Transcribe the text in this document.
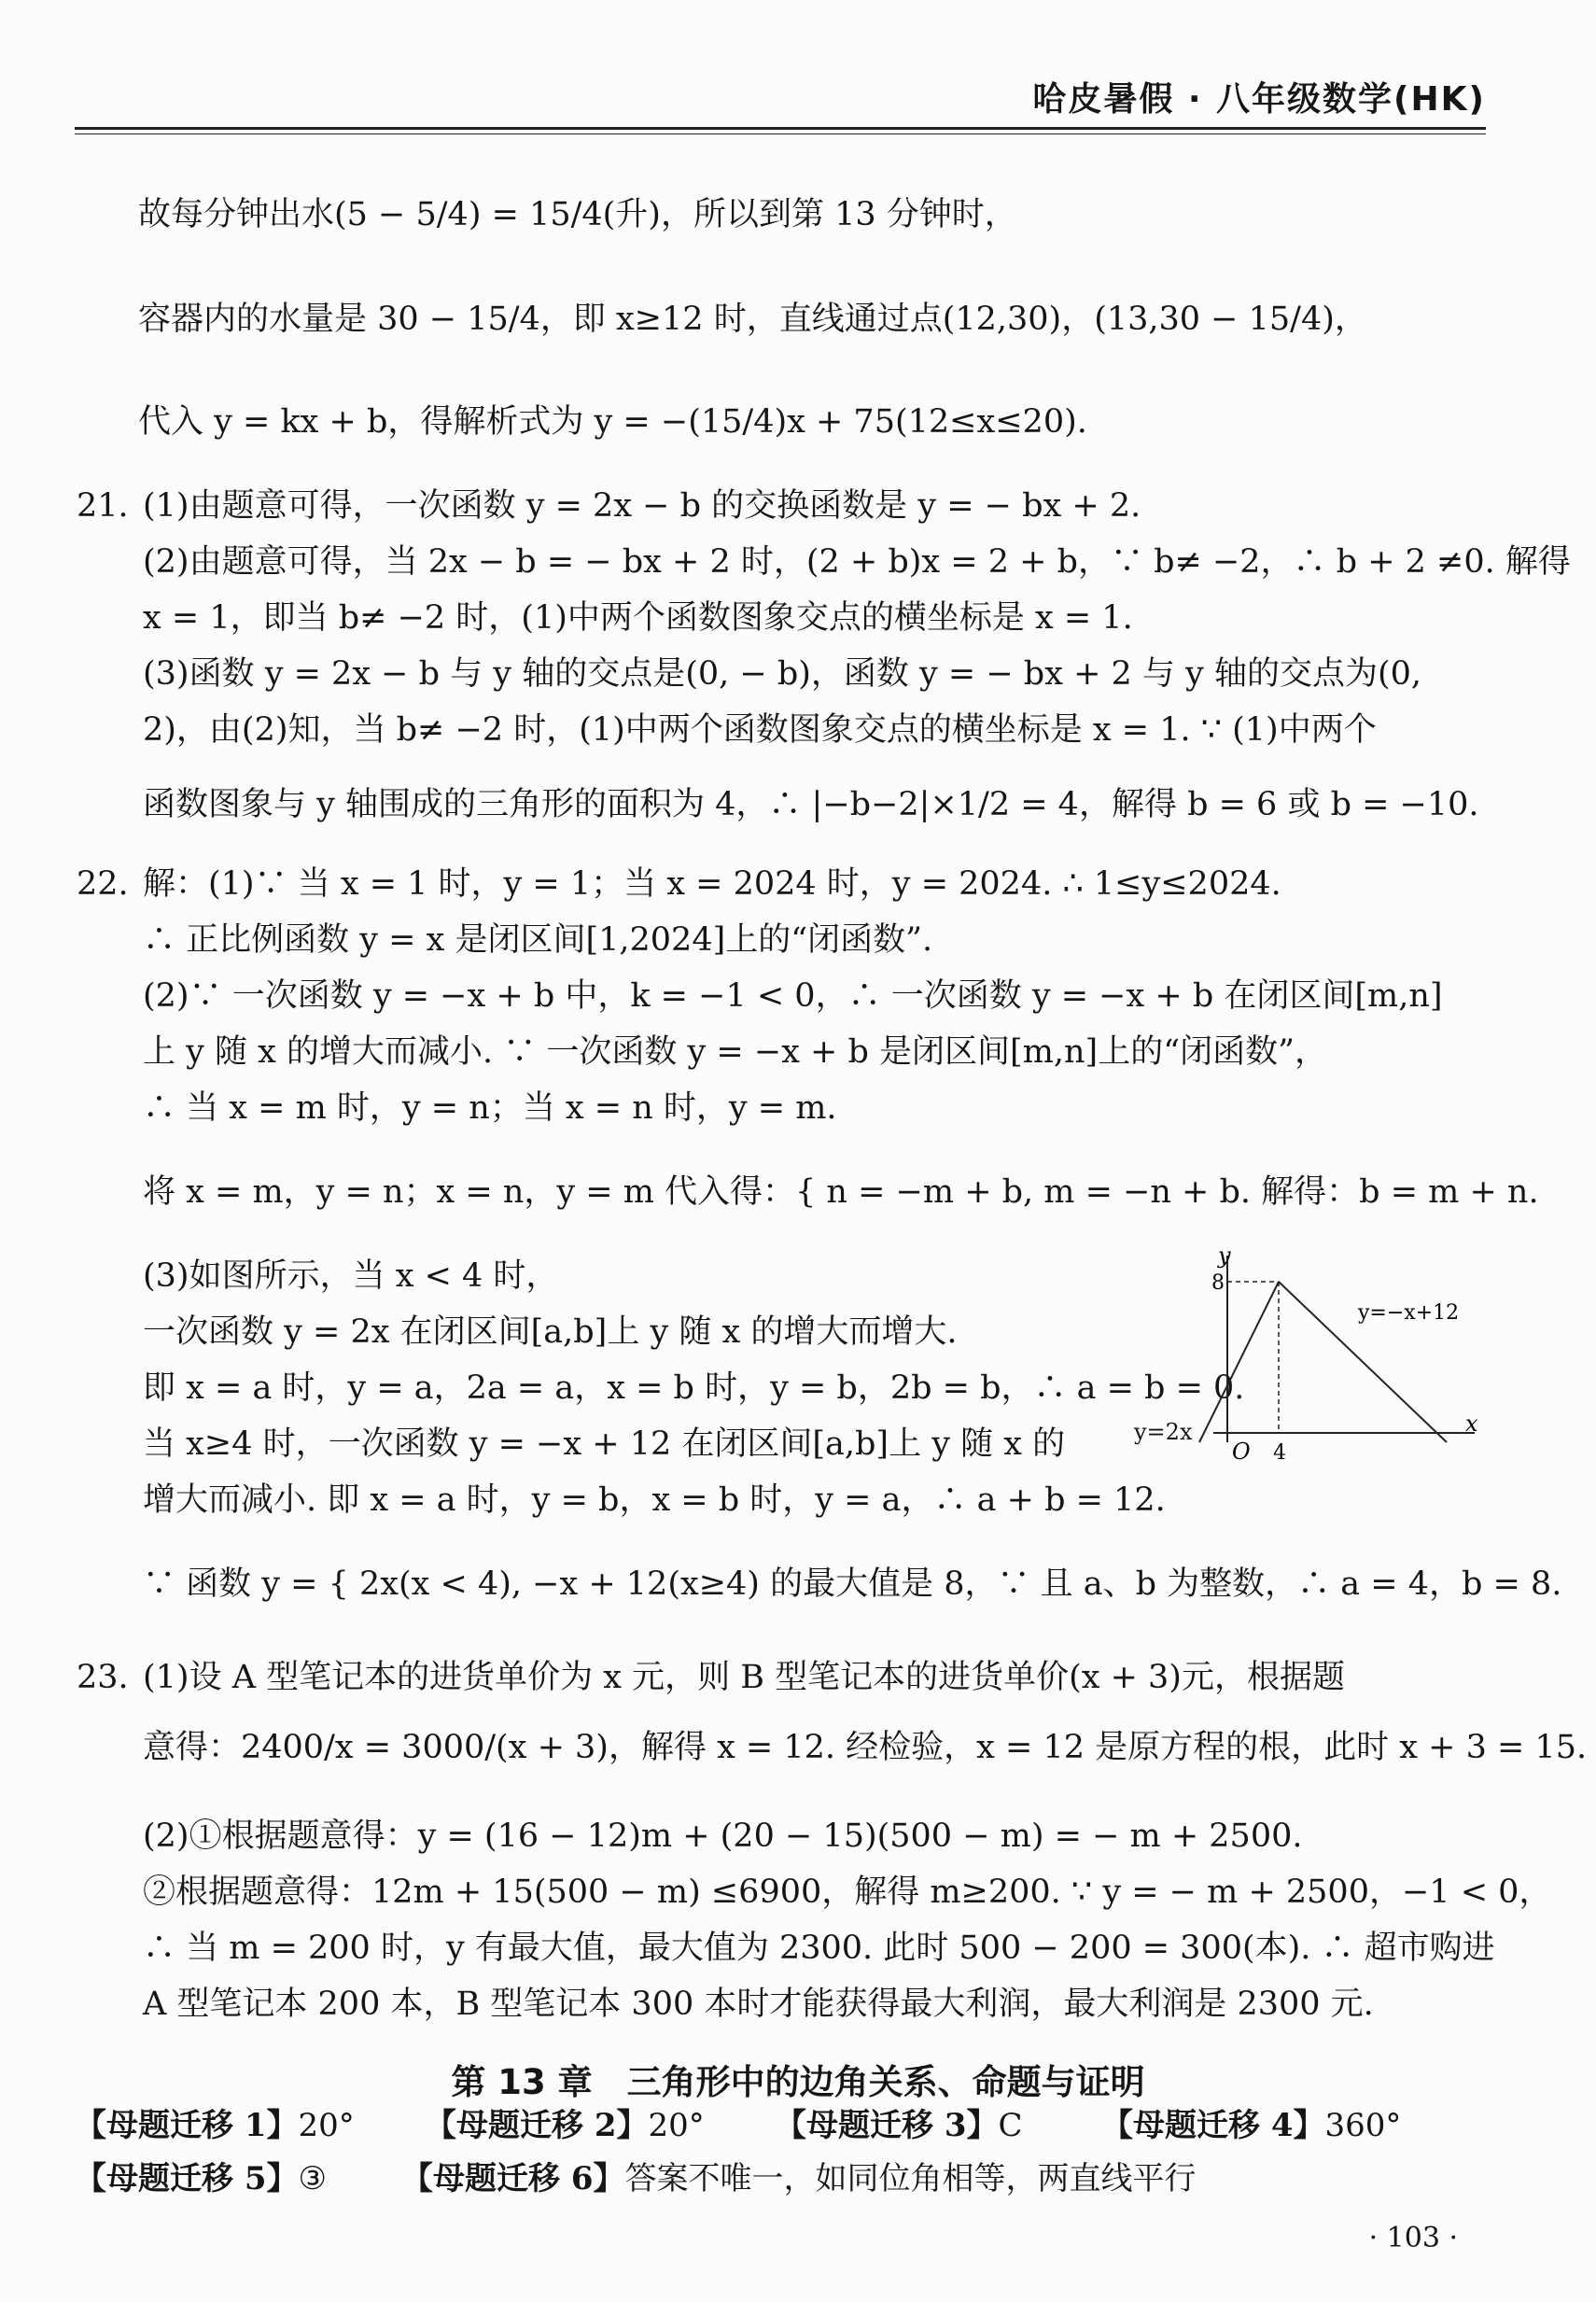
哈皮暑假 · 八年级数学(HK)
故每分钟出水(5 − 5/4) = 15/4(升)，所以到第 13 分钟时，
容器内的水量是 30 − 15/4，即 x≥12 时，直线通过点(12,30)，(13,30 − 15/4)，
代入 y = kx + b，得解析式为 y = −(15/4)x + 75(12≤x≤20).
21. (1)由题意可得，一次函数 y = 2x − b 的交换函数是 y = − bx + 2.
(2)由题意可得，当 2x − b = − bx + 2 时，(2 + b)x = 2 + b，∵ b≠ −2，∴ b + 2 ≠0. 解得
x = 1，即当 b≠ −2 时，(1)中两个函数图象交点的横坐标是 x = 1.
(3)函数 y = 2x − b 与 y 轴的交点是(0, − b)，函数 y = − bx + 2 与 y 轴的交点为(0,
2)，由(2)知，当 b≠ −2 时，(1)中两个函数图象交点的横坐标是 x = 1. ∵ (1)中两个
函数图象与 y 轴围成的三角形的面积为 4，∴ |−b−2|×1/2 = 4，解得 b = 6 或 b = −10.
22. 解：(1)∵ 当 x = 1 时，y = 1；当 x = 2024 时，y = 2024. ∴ 1≤y≤2024.
∴ 正比例函数 y = x 是闭区间[1,2024]上的“闭函数”.
(2)∵ 一次函数 y = −x + b 中，k = −1 < 0，∴ 一次函数 y = −x + b 在闭区间[m,n]
上 y 随 x 的增大而减小. ∵ 一次函数 y = −x + b 是闭区间[m,n]上的“闭函数”，
∴ 当 x = m 时，y = n；当 x = n 时，y = m.
将 x = m，y = n；x = n，y = m 代入得：{ n = −m + b, m = −n + b. 解得：b = m + n.
(3)如图所示，当 x < 4 时，
一次函数 y = 2x 在闭区间[a,b]上 y 随 x 的增大而增大.
即 x = a 时，y = a，2a = a，x = b 时，y = b，2b = b，∴ a = b = 0.
当 x≥4 时，一次函数 y = −x + 12 在闭区间[a,b]上 y 随 x 的
增大而减小. 即 x = a 时，y = b，x = b 时，y = a，∴ a + b = 12.
∵ 函数 y = { 2x(x < 4), −x + 12(x≥4) 的最大值是 8，∵ 且 a、b 为整数，∴ a = 4，b = 8.
23. (1)设 A 型笔记本的进货单价为 x 元，则 B 型笔记本的进货单价(x + 3)元，根据题
意得：2400/x = 3000/(x + 3)，解得 x = 12. 经检验，x = 12 是原方程的根，此时 x + 3 = 15.
(2)①根据题意得：y = (16 − 12)m + (20 − 15)(500 − m) = − m + 2500.
②根据题意得：12m + 15(500 − m) ≤6900，解得 m≥200. ∵ y = − m + 2500，−1 < 0，
∴ 当 m = 200 时，y 有最大值，最大值为 2300. 此时 500 − 200 = 300(本). ∴ 超市购进
A 型笔记本 200 本，B 型笔记本 300 本时才能获得最大利润，最大利润是 2300 元.
第 13 章　三角形中的边角关系、命题与证明
【母题迁移 1】20° 【母题迁移 2】20° 【母题迁移 3】C 【母题迁移 4】360°
【母题迁移 5】③ 【母题迁移 6】答案不唯一，如同位角相等，两直线平行
· 103 ·
y
x
O
8
4
y=−x+12
y=2x
